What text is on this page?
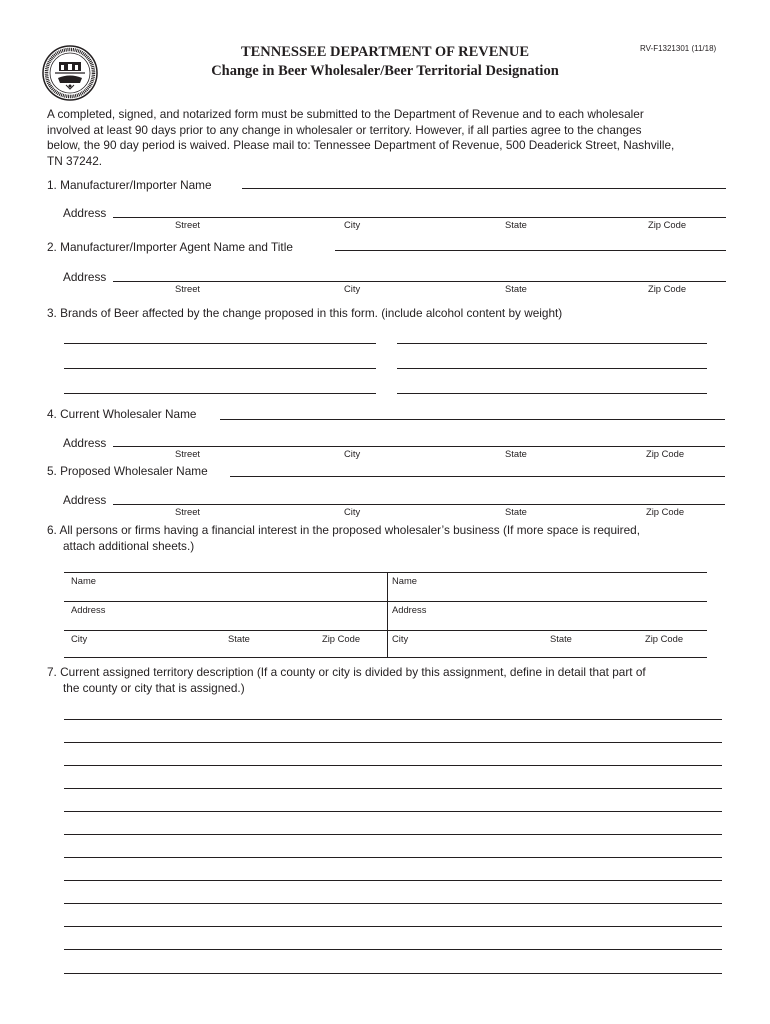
TENNESSEE DEPARTMENT OF REVENUE
Change in Beer Wholesaler/Beer Territorial Designation
RV-F1321301 (11/18)
A completed, signed, and notarized form must be submitted to the Department of Revenue and to each wholesaler
involved at least 90 days prior to any change in wholesaler or territory. However, if all parties agree to the changes
below, the 90 day period is waived. Please mail to: Tennessee Department of Revenue, 500 Deaderick Street, Nashville,
TN 37242.
1. Manufacturer/Importer Name
Address
Street	City	State	Zip Code
2. Manufacturer/Importer Agent Name and Title
Address
Street	City	State	Zip Code
3. Brands of Beer affected by the change proposed in this form. (include alcohol content by weight)
4. Current Wholesaler Name
Address
Street	City	State	Zip Code
5. Proposed Wholesaler Name
Address
Street	City	State	Zip Code
6. All persons or firms having a financial interest in the proposed wholesaler’s business (If more space is required,
attach additional sheets.)
Name	Name
Address	Address
City	State	Zip Code	City	State	Zip Code
7. Current assigned territory description (If a county or city is divided by this assignment, define in detail that part of
the county or city that is assigned.)
